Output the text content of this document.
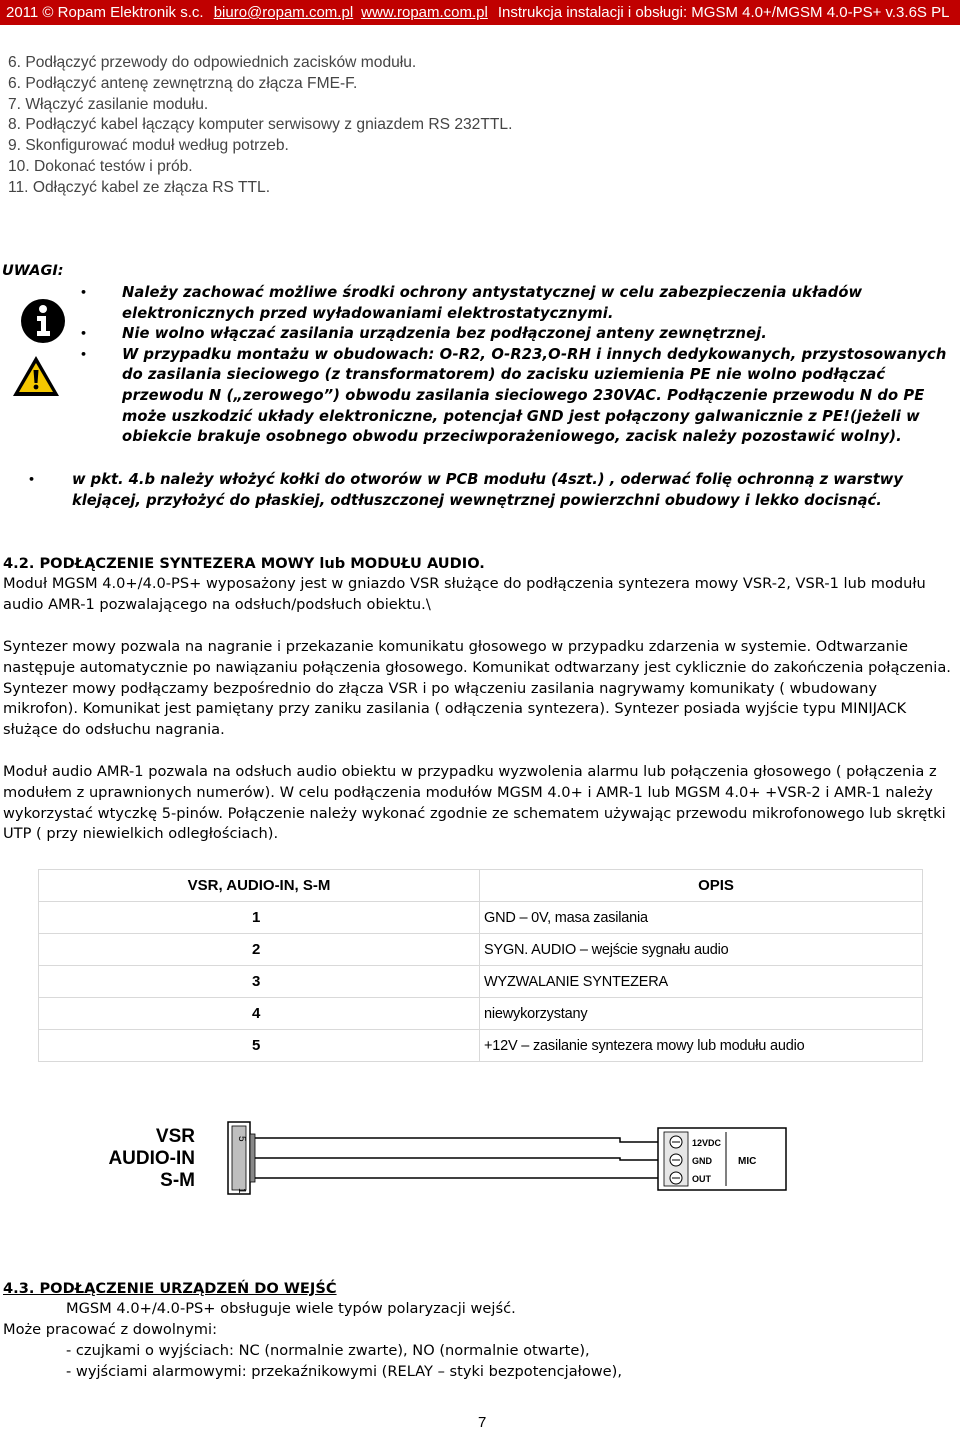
2011 © Ropam Elektronik s.c. biuro@ropam.com.pl www.ropam.com.pl Instrukcja instalacji i obsługi: MGSM 4.0+/MGSM 4.0-PS+ v.3.6S PL
6. Podłączyć przewody do odpowiednich zacisków modułu.
6. Podłączyć antenę zewnętrzną do złącza FME-F.
7. Włączyć zasilanie modułu.
8. Podłączyć kabel łączący komputer serwisowy z gniazdem RS 232TTL.
9. Skonfigurować moduł według potrzeb.
10. Dokonać testów i prób.
11. Odłączyć kabel ze złącza RS TTL.
UWAGI:
• Należy zachować możliwe środki ochrony antystatycznej w celu zabezpieczenia układów elektronicznych przed wyładowaniami elektrostatycznymi.
• Nie wolno włączać zasilania urządzenia bez podłączonej anteny zewnętrznej.
• W przypadku montażu w obudowach: O-R2, O-R23,O-RH i innych dedykowanych, przystosowanych do zasilania sieciowego (z transformatorem) do zacisku uziemienia PE nie wolno podłączać przewodu N („zerowego”) obwodu zasilania sieciowego 230VAC. Podłączenie przewodu N do PE może uszkodzić układy elektroniczne, potencjał GND jest połączony galwanicznie z PE!(jeżeli w obiekcie brakuje osobnego obwodu przeciwporażeniowego, zacisk należy pozostawić wolny).
•	w pkt. 4.b należy włożyć kołki do otworów w PCB modułu (4szt.) , oderwać folię ochronną z warstwy klejącej, przyłożyć do płaskiej, odtłuszczonej wewnętrznej powierzchni obudowy i lekko docisnąć.
4.2. PODŁĄCZENIE SYNTEZERA MOWY lub MODUŁU AUDIO.
Moduł MGSM 4.0+/4.0-PS+ wyposażony jest w gniazdo VSR służące do podłączenia syntezera mowy VSR-2, VSR-1 lub modułu audio AMR-1 pozwalającego na odsłuch/podsłuch obiektu.\
Syntezer mowy pozwala na nagranie i przekazanie komunikatu głosowego w przypadku zdarzenia w systemie. Odtwarzanie następuje automatycznie po nawiązaniu połączenia głosowego. Komunikat odtwarzany jest cyklicznie do zakończenia połączenia. Syntezer mowy podłączamy bezpośrednio do złącza VSR i po włączeniu zasilania nagrywamy komunikaty ( wbudowany mikrofon). Komunikat jest pamiętany przy zaniku zasilania ( odłączenia syntezera). Syntezer posiada wyjście typu MINIJACK służące do odsłuchu nagrania.
Moduł audio AMR-1 pozwala na odsłuch audio obiektu w przypadku wyzwolenia alarmu lub połączenia głosowego ( połączenia z modułem z uprawnionych numerów). W celu podłączenia modułów MGSM 4.0+ i AMR-1 lub MGSM 4.0+ +VSR-2 i AMR-1 należy wykorzystać wtyczkę 5-pinów. Połączenie należy wykonać zgodnie ze schematem używając przewodu mikrofonowego lub skrętki UTP ( przy niewielkich odległościach).
VSR, AUDIO-IN, S-M	OPIS
1	GND – 0V, masa zasilania
2	SYGN. AUDIO – wejście sygnału audio
3	WYZWALANIE SYNTEZERA
4	niewykorzystany
5	+12V – zasilanie syntezera mowy lub modułu audio
VSR
AUDIO-IN
S-M
5
1
12VDC
GND
OUT
MIC
4.3. PODŁĄCZENIE URZĄDZEŃ DO WEJŚĆ
MGSM 4.0+/4.0-PS+ obsługuje wiele typów polaryzacji wejść.
Może pracować z dowolnymi:
- czujkami o wyjściach: NC (normalnie zwarte), NO (normalnie otwarte),
- wyjściami alarmowymi: przekaźnikowymi (RELAY – styki bezpotencjałowe),
7
